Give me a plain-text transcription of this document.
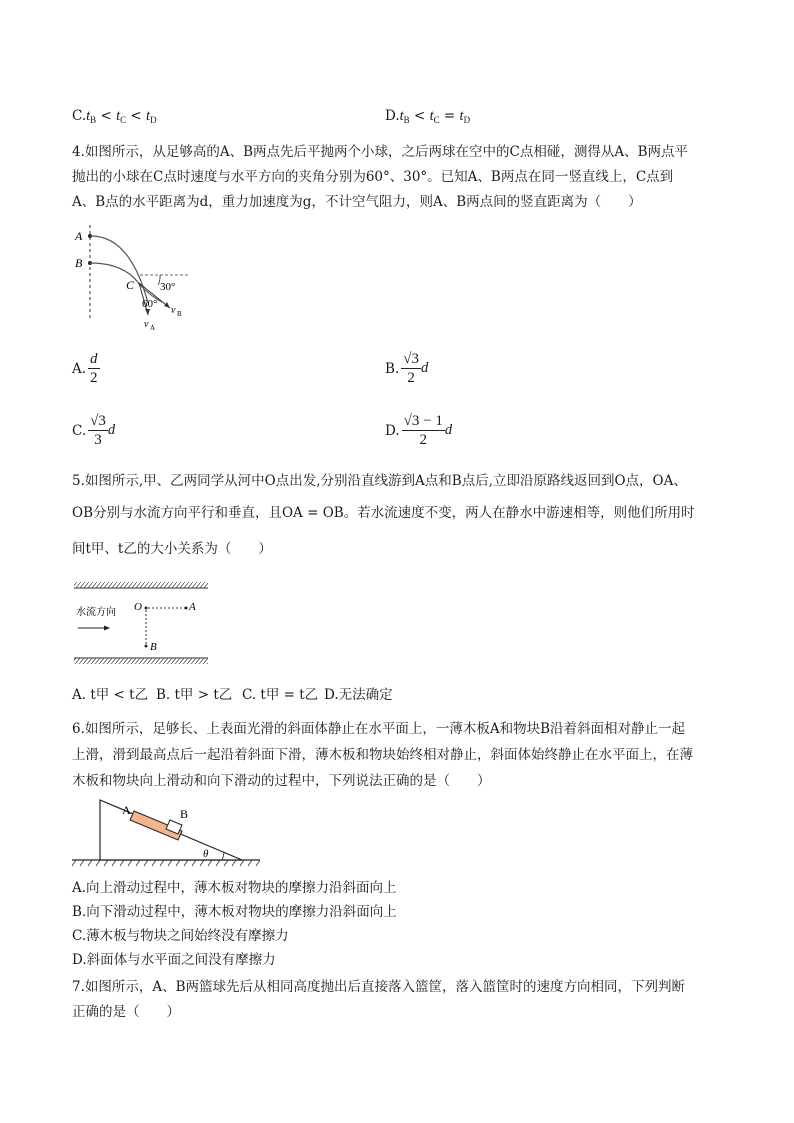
$C.t_B < t_C < t_D$	$D.t_B < t_C = t_D$
4.如图所示，从足够高的A、B两点先后平抛两个小球，之后两球在空中的C点相碰，测得从A、B两点平
抛出的小球在C点时速度与水平方向的夹角分别为60°、30°。已知A、B两点在同一竖直线上，C点到
A、B点的水平距离为d，重力加速度为g，不计空气阻力，则A、B两点间的竖直距离为（　　）
A
B
C 30°
60°
v A
v B
A. $\frac{d}{2}$	B. $\frac{√3}{2}$ d
C. $\frac{√3}{3}$ d	D. $\frac{√3 - 1}{2}$ d
5.如图所示,甲、乙两同学从河中O点出发,分别沿直线游到A点和B点后,立即沿原路线返回到O点，OA、
OB分别与水流方向平行和垂直，且OA = OB。若水流速度不变，两人在静水中游速相等，则他们所用时
间t甲、t乙的大小关系为（　　）
水流方向 O	A
B
A. t甲 < t乙 B. t甲 > t乙 C. t甲 = t乙 D.无法确定
6.如图所示，足够长、上表面光滑的斜面体静止在水平面上，一薄木板A和物块B沿着斜面相对静止一起
上滑，滑到最高点后一起沿着斜面下滑，薄木板和物块始终相对静止，斜面体始终静止在水平面上，在薄
木板和物块向上滑动和向下滑动的过程中，下列说法正确的是（　　）
A	B
θ
A.向上滑动过程中，薄木板对物块的摩擦力沿斜面向上
B.向下滑动过程中，薄木板对物块的摩擦力沿斜面向上
C.薄木板与物块之间始终没有摩擦力
D.斜面体与水平面之间没有摩擦力
7.如图所示，A、B两篮球先后从相同高度抛出后直接落入篮筐，落入篮筐时的速度方向相同，下列判断
正确的是（　　）
